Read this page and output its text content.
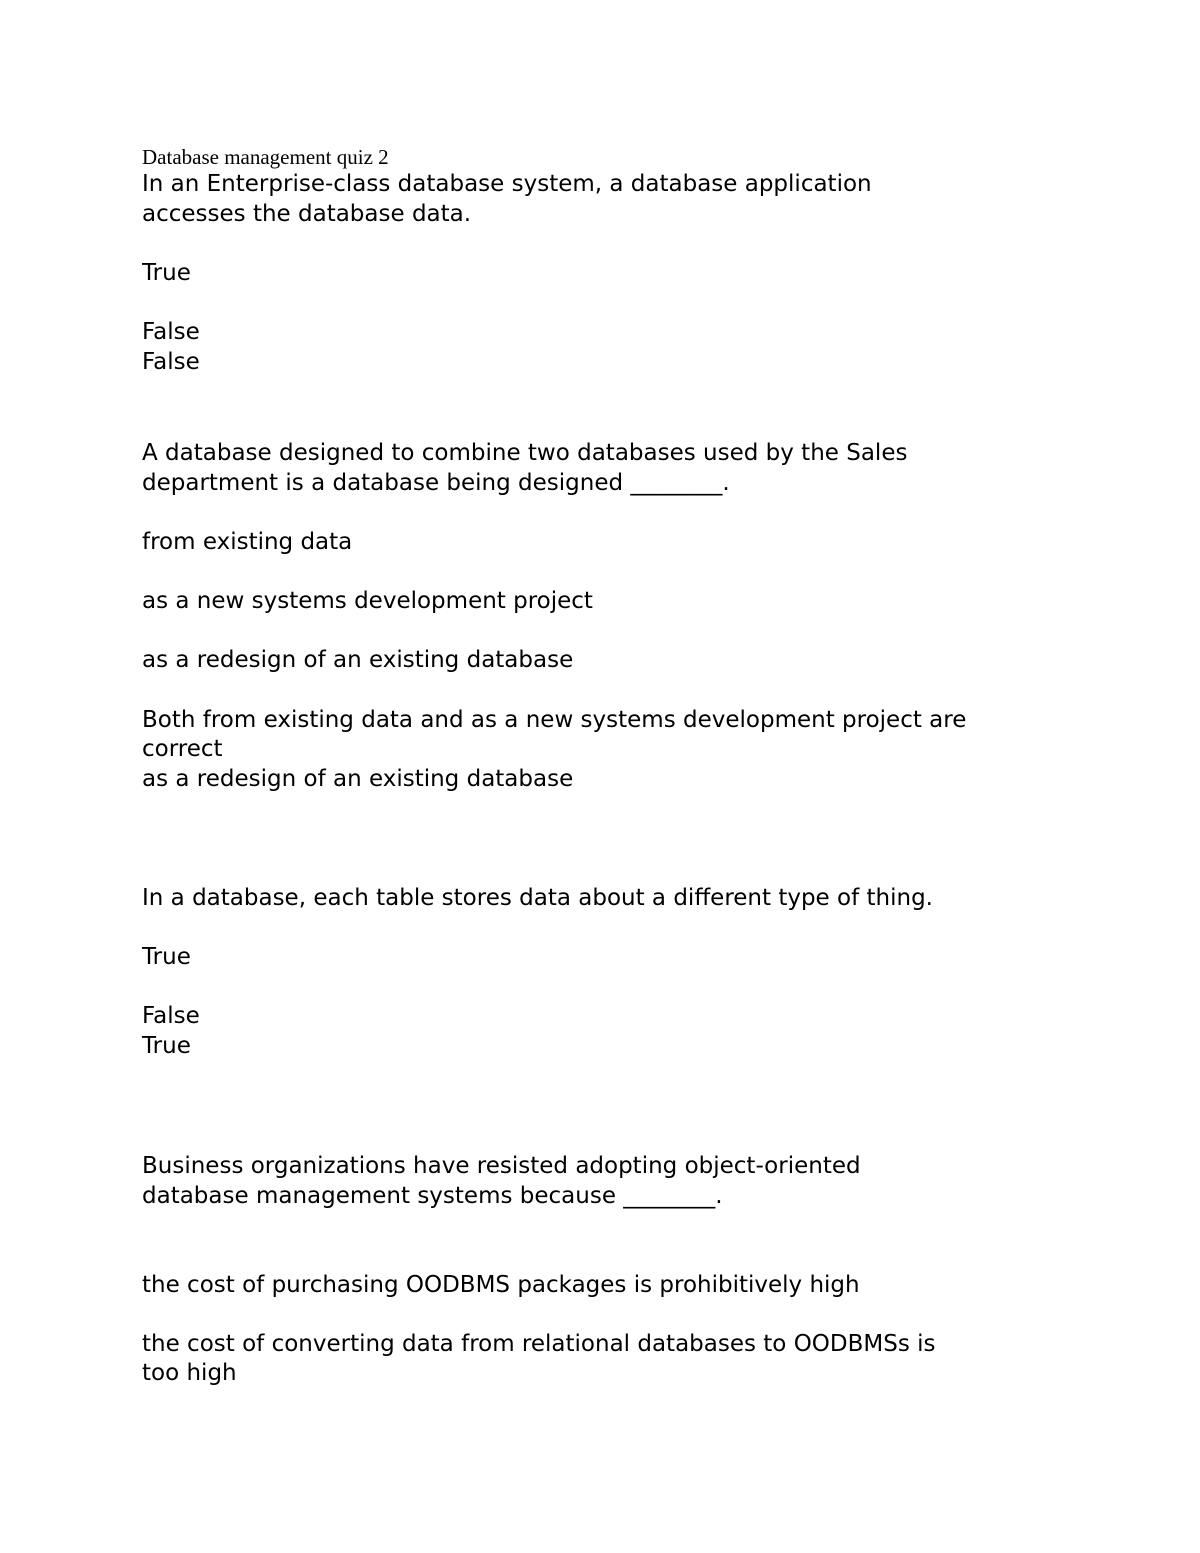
Database management quiz 2
In an Enterprise-class database system, a database application
accesses the database data.
True
False
False
A database designed to combine two databases used by the Sales
department is a database being designed ________.
from existing data
as a new systems development project
as a redesign of an existing database
Both from existing data and as a new systems development project are
correct
as a redesign of an existing database
In a database, each table stores data about a different type of thing.
True
False
True
Business organizations have resisted adopting object-oriented
database management systems because ________.
the cost of purchasing OODBMS packages is prohibitively high
the cost of converting data from relational databases to OODBMSs is
too high
